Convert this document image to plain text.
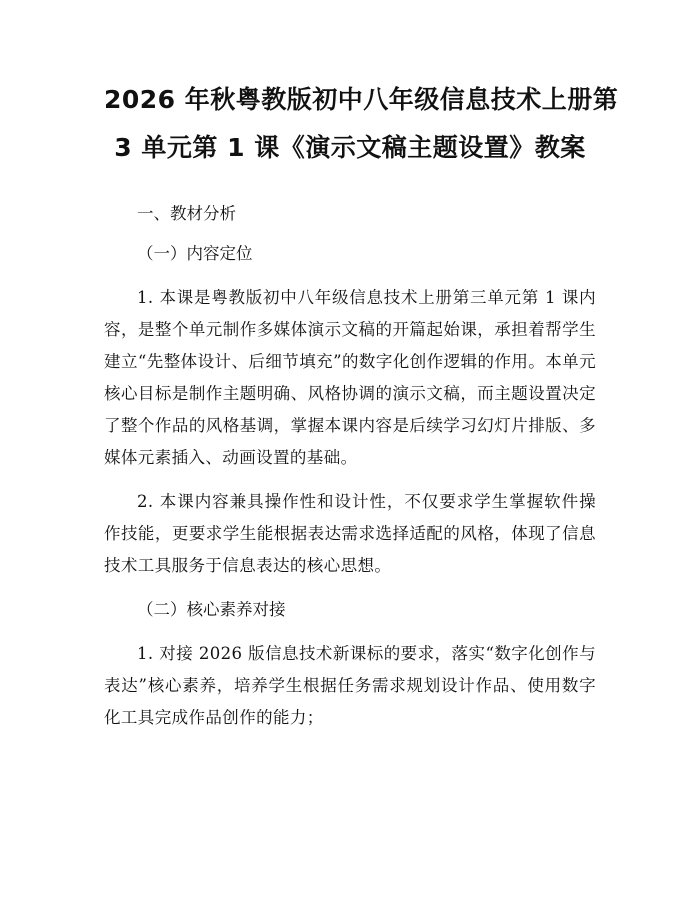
2026 年秋粤教版初中八年级信息技术上册第
3 单元第 1 课《演示文稿主题设置》教案

一、教材分析

（一）内容定位

1. 本课是粤教版初中八年级信息技术上册第三单元第 1 课内容，是整个单元制作多媒体演示文稿的开篇起始课，承担着帮学生建立“先整体设计、后细节填充”的数字化创作逻辑的作用。本单元核心目标是制作主题明确、风格协调的演示文稿，而主题设置决定了整个作品的风格基调，掌握本课内容是后续学习幻灯片排版、多媒体元素插入、动画设置的基础。

2. 本课内容兼具操作性和设计性，不仅要求学生掌握软件操作技能，更要求学生能根据表达需求选择适配的风格，体现了信息技术工具服务于信息表达的核心思想。

（二）核心素养对接

1. 对接 2026 版信息技术新课标的要求，落实“数字化创作与表达”核心素养，培养学生根据任务需求规划设计作品、使用数字化工具完成作品创作的能力；
